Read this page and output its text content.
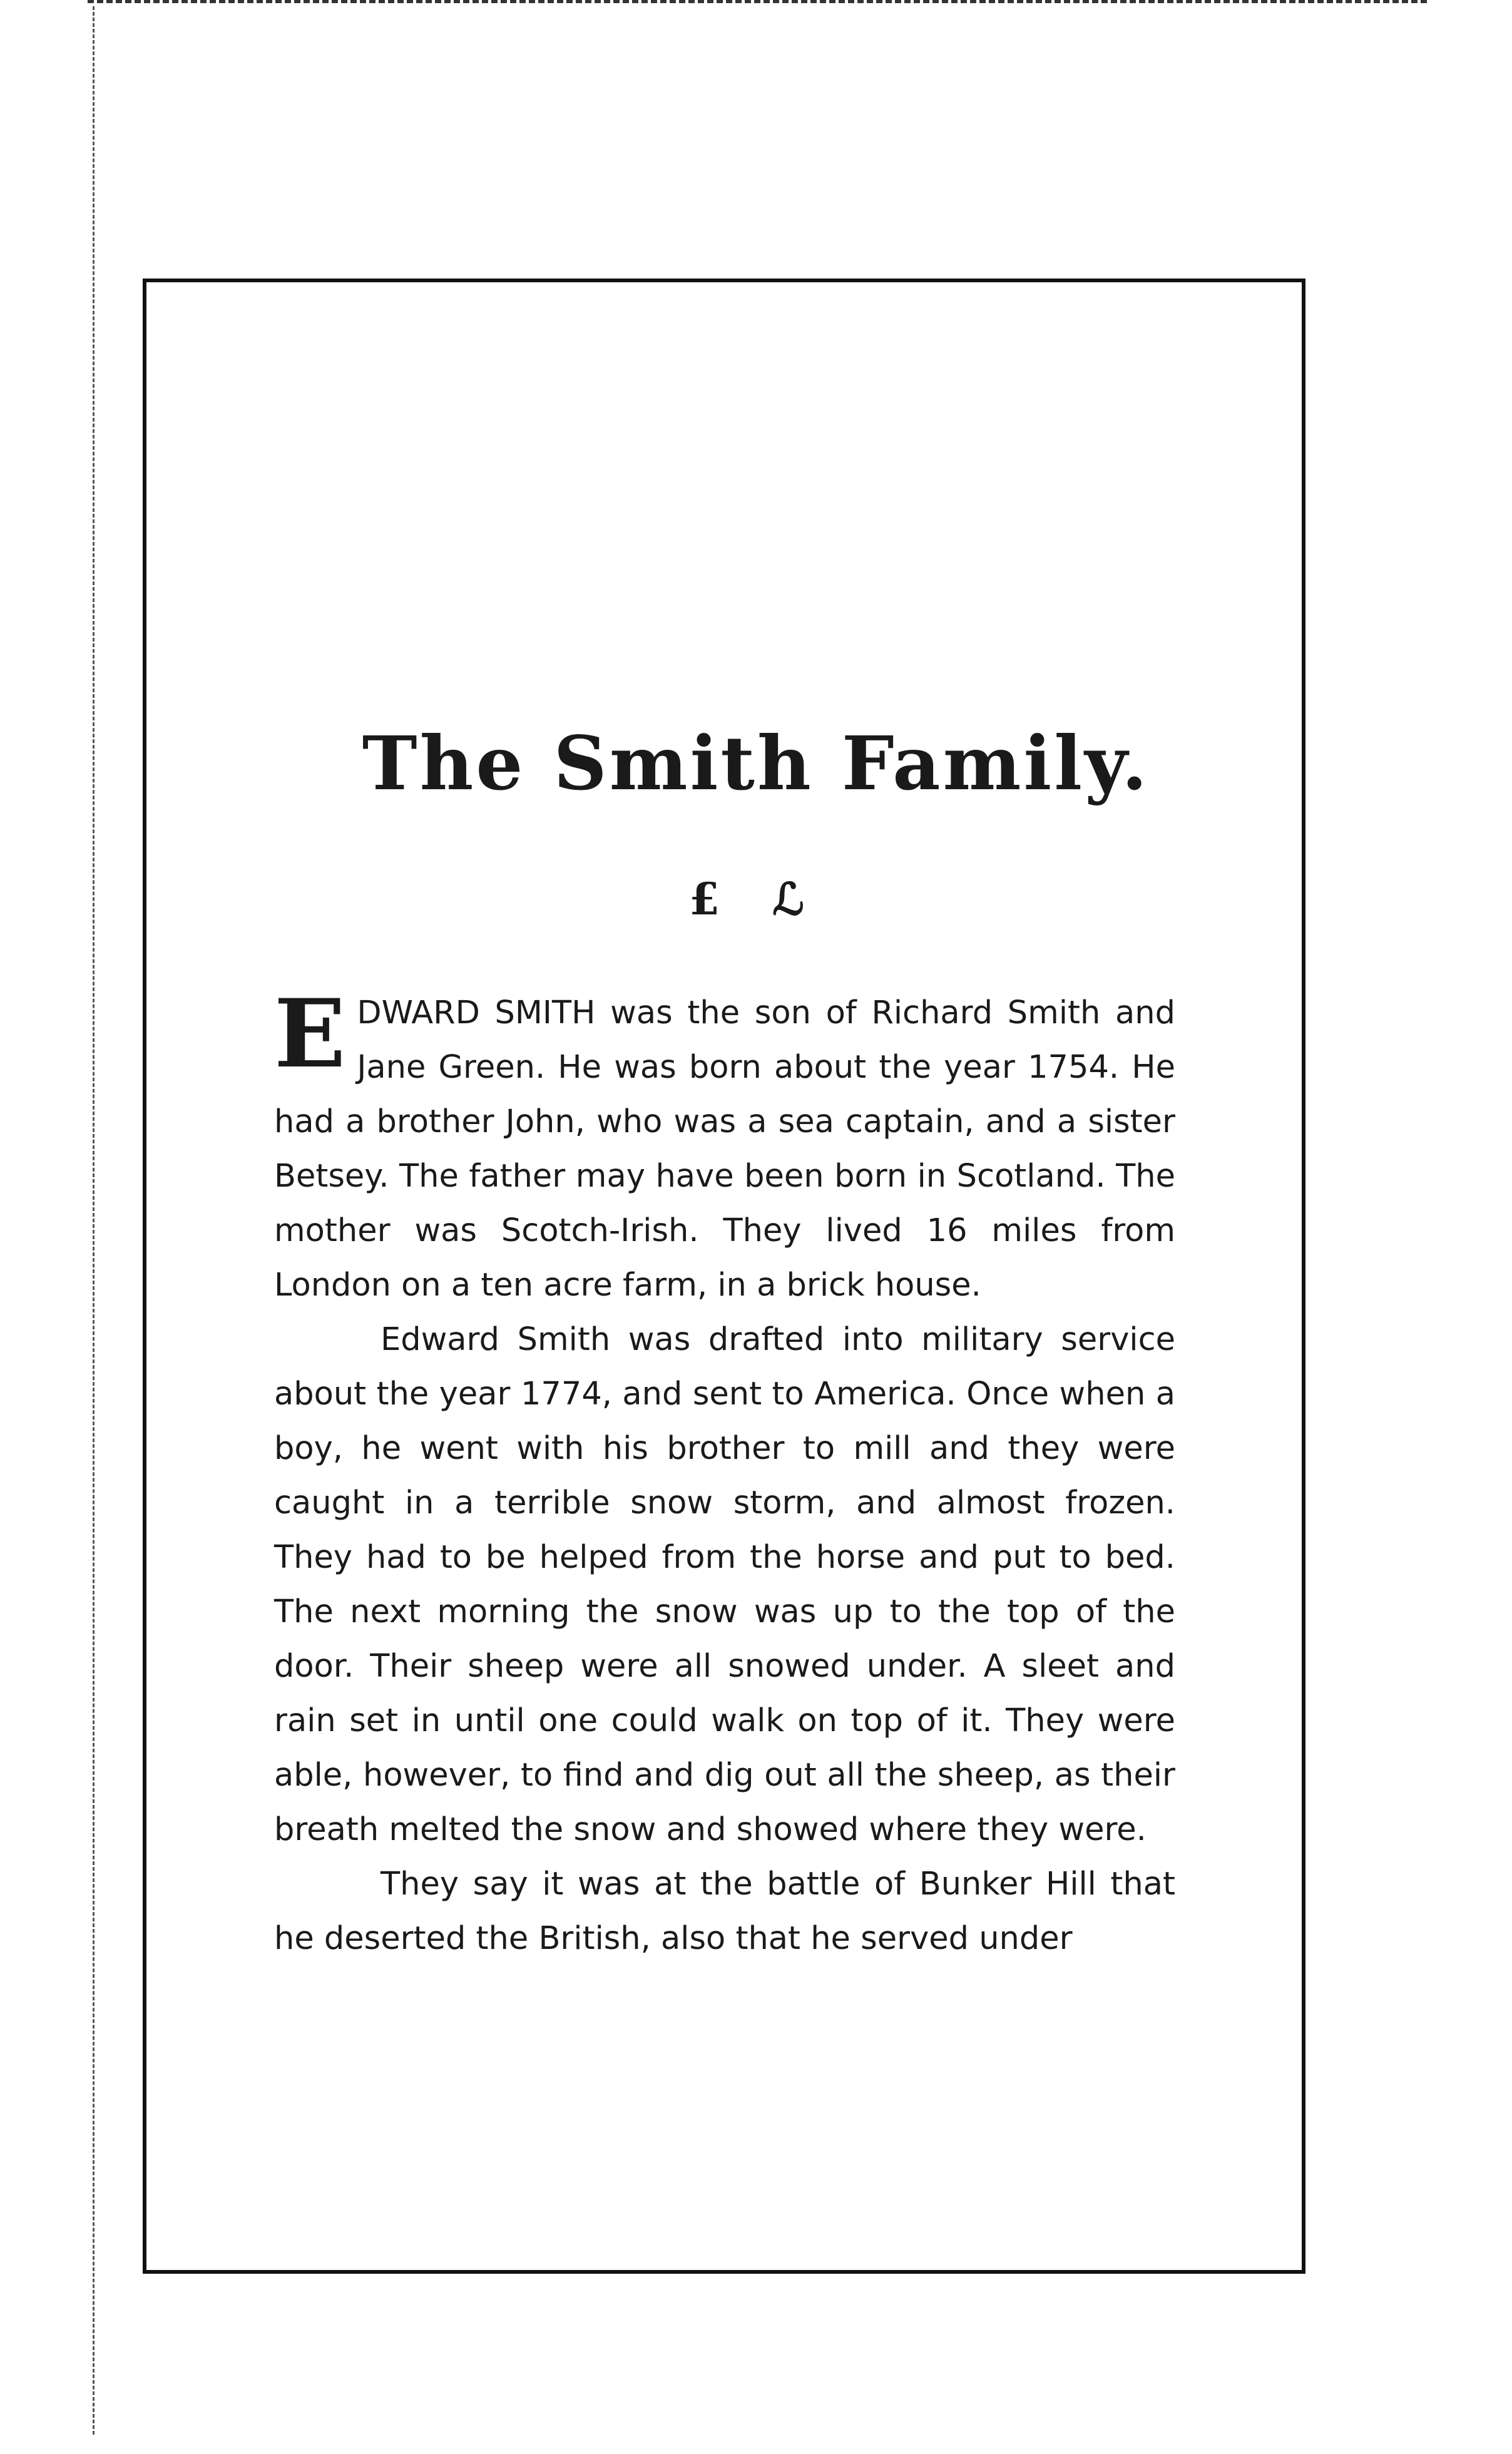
The Smith Family.
£ ℒ

EDWARD SMITH was the son of Richard Smith and Jane Green. He was born about the year 1754. He had a brother John, who was a sea captain, and a sister Betsey. The father may have been born in Scotland. The mother was Scotch-Irish. They lived 16 miles from London on a ten acre farm, in a brick house.

Edward Smith was drafted into military service about the year 1774, and sent to America. Once when a boy, he went with his brother to mill and they were caught in a terrible snow storm, and almost frozen. They had to be helped from the horse and put to bed. The next morning the snow was up to the top of the door. Their sheep were all snowed under. A sleet and rain set in until one could walk on top of it. They were able, however, to find and dig out all the sheep, as their breath melted the snow and showed where they were.

They say it was at the battle of Bunker Hill that he deserted the British, also that he served under
